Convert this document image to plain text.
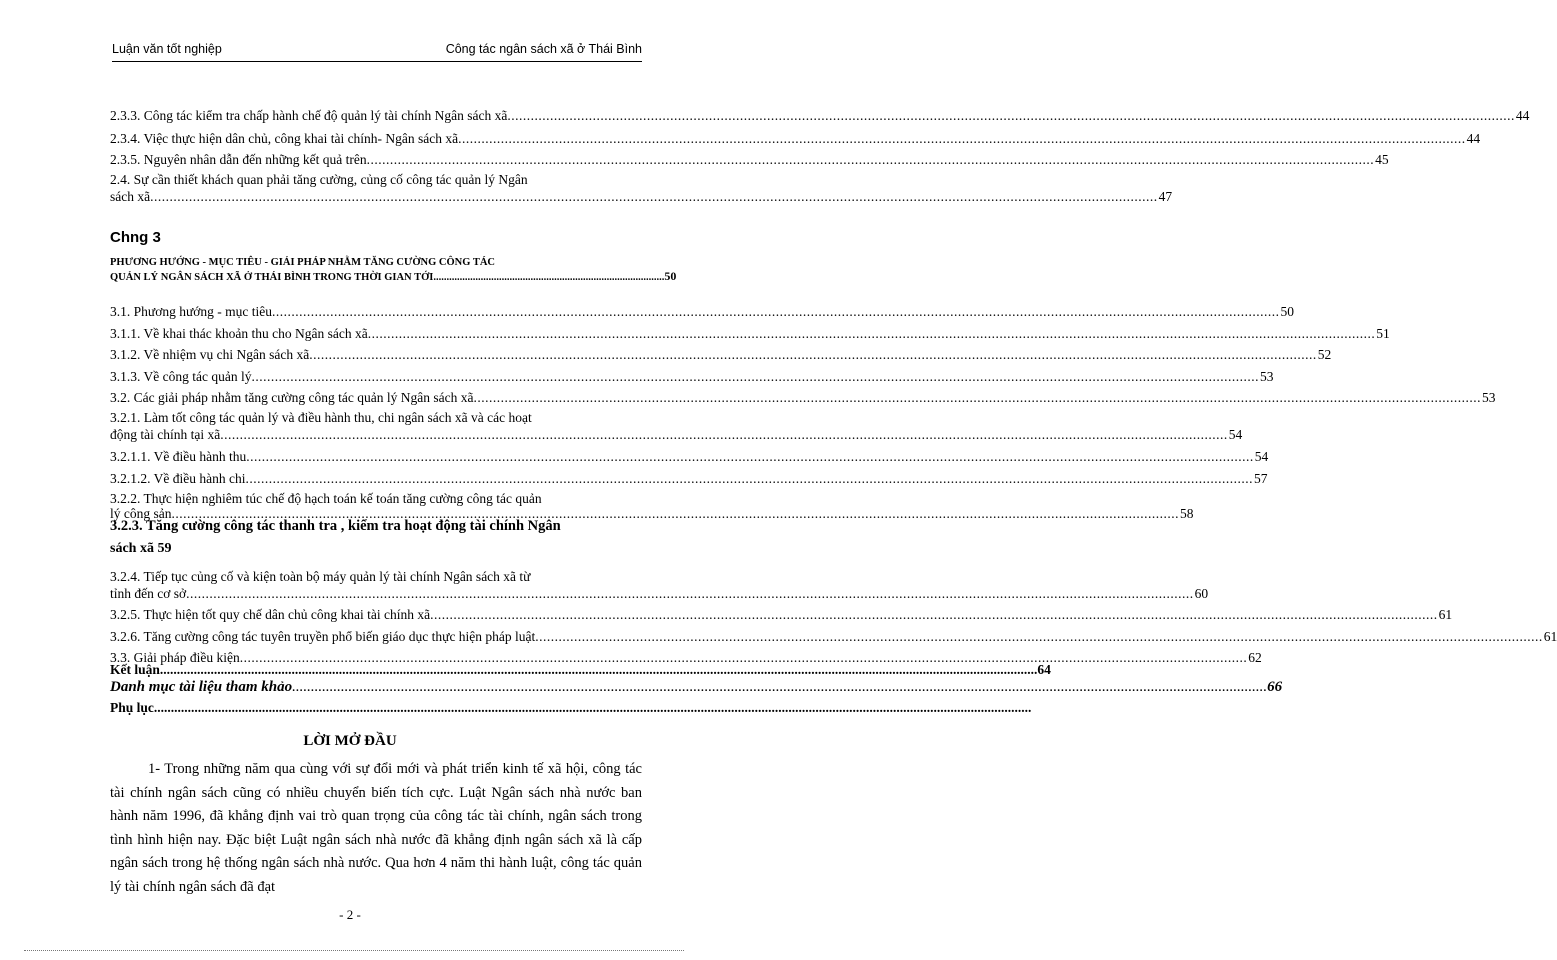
Luận văn tốt nghiệp	Công tác ngân sách xã ở Thái Bình
2.3.3. Công tác kiểm tra chấp hành chế độ quản lý tài chính Ngân sách xã .....	44
2.3.4. Việc thực hiện dân chủ, công khai tài chính- Ngân sách xã .....	44
2.3.5. Nguyên nhân dẫn đến những kết quả trên .....	45
2.4. Sự cần thiết khách quan phải tăng cường, củng cố công tác quản lý Ngân
sách xã .....	47
Chng 3
PHƯƠNG HƯỚNG - MỤC TIÊU - GIẢI PHÁP NHẰM TĂNG CƯỜNG CÔNG TÁC
QUẢN LÝ NGÂN SÁCH XÃ Ở THÁI BÌNH TRONG THỜI GIAN TỚI ........................................................................................ 50
3.1. Phương hướng - mục tiêu .....	50
3.1.1. Về khai thác khoản thu cho Ngân sách xã .....	51
3.1.2. Về nhiệm vụ chi Ngân sách xã .....	52
3.1.3. Về công tác quản lý .....	53
3.2. Các giải pháp nhằm tăng cường công tác quản lý Ngân sách xã .....	53
3.2.1. Làm tốt công tác quản lý và điều hành thu, chi ngân sách xã và các hoạt
động tài chính tại xã .....	54
3.2.1.1. Về điều hành thu .....	54
3.2.1.2. Về điều hành chi .....	57
3.2.2. Thực hiện nghiêm túc chế độ hạch toán kế toán tăng cường công tác quản
lý công sản .....	58
3.2.3. Tăng cường công tác thanh tra , kiểm tra hoạt động tài chính Ngân
sách xã 59
3.2.4. Tiếp tục củng cố và kiện toàn bộ máy quản lý tài chính Ngân sách xã từ
tỉnh đến cơ sở .....	60
3.2.5. Thực hiện tốt quy chế dân chủ công khai tài chính xã .....	61
3.2.6. Tăng cường công tác tuyên truyền phổ biến giáo dục thực hiện pháp luật .....	61
3.3. Giải pháp điều kiện .....	62
Kết luận .....	64
Danh mục tài liệu tham khảo .....	66
Phụ lục
.....
LỜI MỞ ĐẦU

1- Trong những năm qua cùng với sự đổi mới và phát triển kinh tế xã hội, công tác tài chính ngân sách cũng có nhiều chuyển biến tích cực. Luật Ngân sách nhà nước ban hành năm 1996, đã khẳng định vai trò quan trọng của công tác tài chính, ngân sách trong tình hình hiện nay. Đặc biệt Luật ngân sách nhà nước đã khẳng định ngân sách xã là cấp ngân sách trong hệ thống ngân sách nhà nước. Qua hơn 4 năm thi hành luật, công tác quản lý tài chính ngân sách đã đạt

- 2 -
